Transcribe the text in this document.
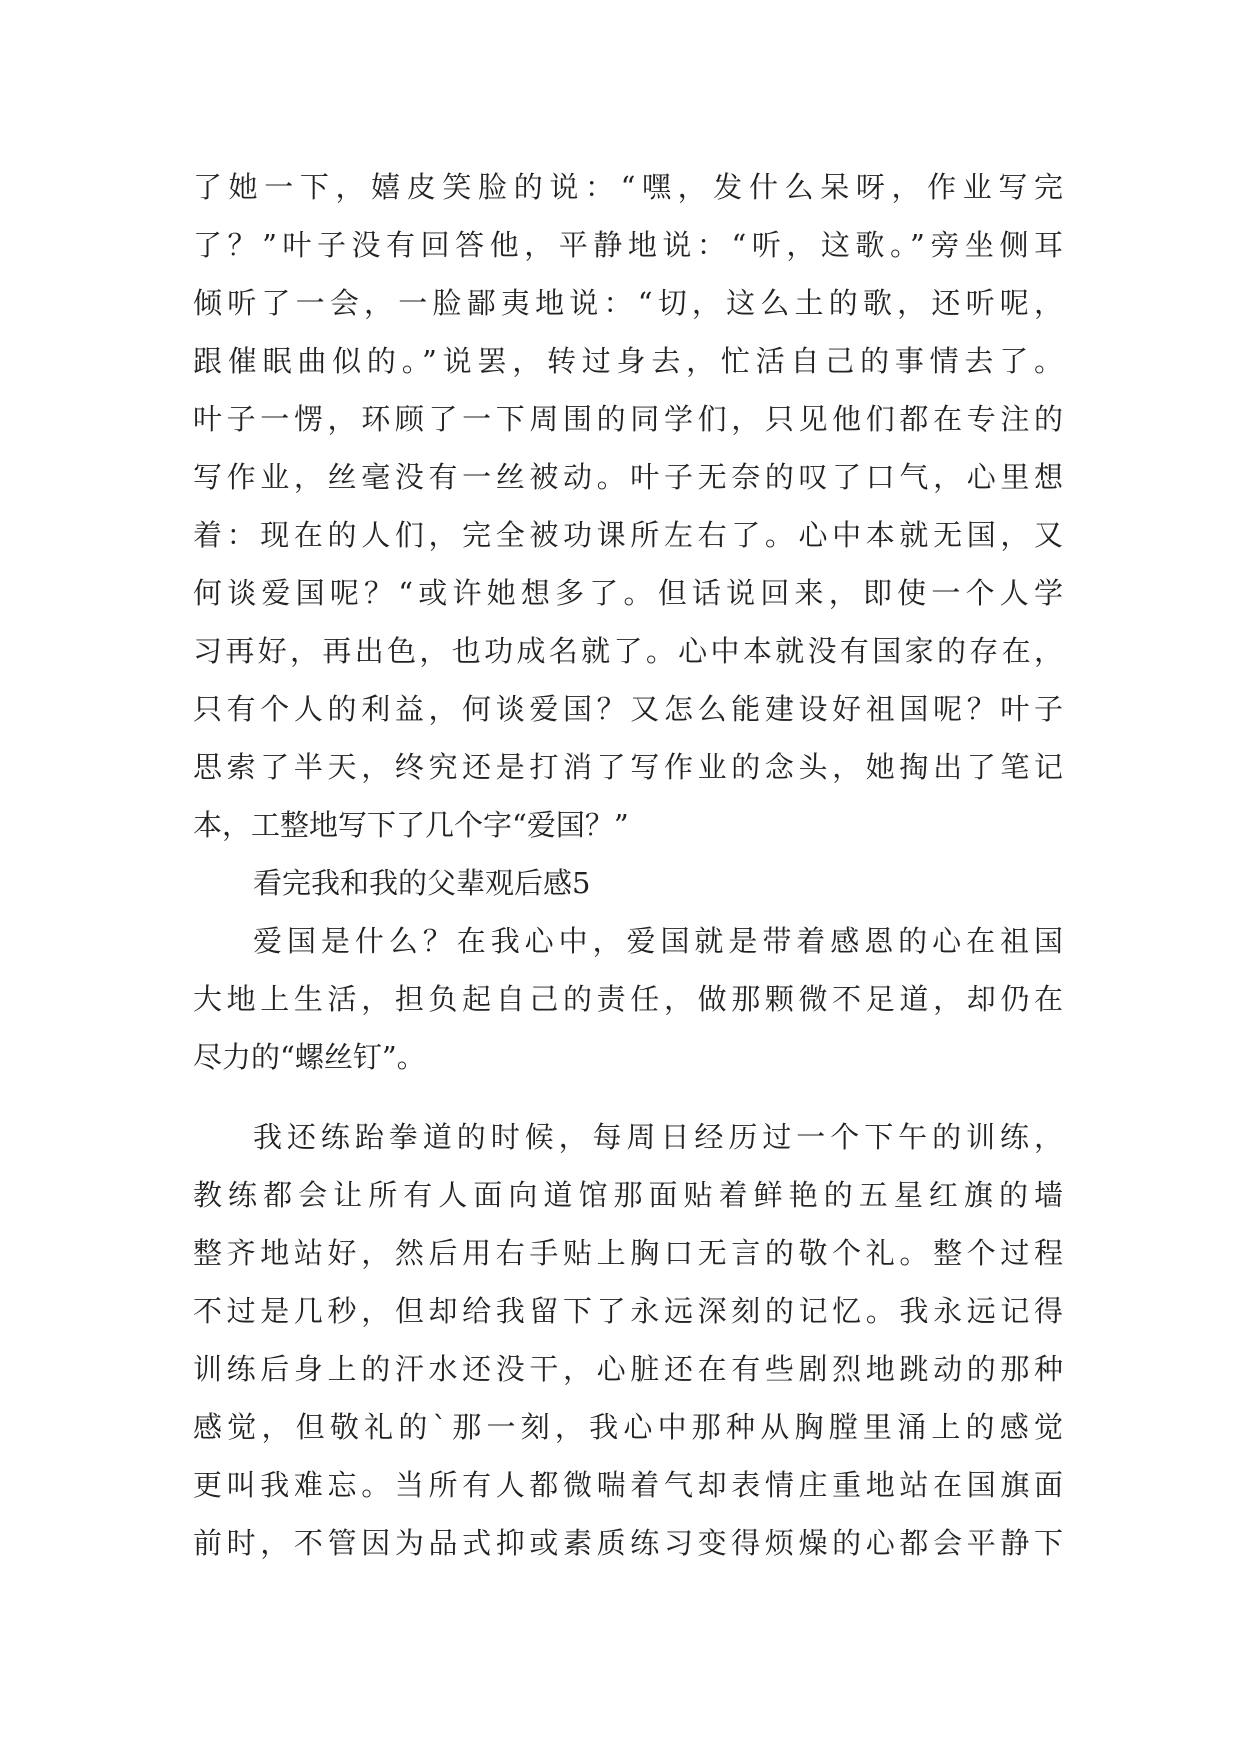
了她一下，嬉皮笑脸的说：“嘿，发什么呆呀，作业写完
了？”叶子没有回答他，平静地说：“听，这歌。”旁坐侧耳
倾听了一会，一脸鄙夷地说：“切，这么土的歌，还听呢，
跟催眠曲似的。”说罢，转过身去，忙活自己的事情去了。
叶子一愣，环顾了一下周围的同学们，只见他们都在专注的
写作业，丝毫没有一丝被动。叶子无奈的叹了口气，心里想
着：现在的人们，完全被功课所左右了。心中本就无国，又
何谈爱国呢？“或许她想多了。但话说回来，即使一个人学
习再好，再出色，也功成名就了。心中本就没有国家的存在，
只有个人的利益，何谈爱国？又怎么能建设好祖国呢？叶子
思索了半天，终究还是打消了写作业的念头，她掏出了笔记
本，工整地写下了几个字“爱国？”
看完我和我的父辈观后感5
爱国是什么？在我心中，爱国就是带着感恩的心在祖国
大地上生活，担负起自己的责任，做那颗微不足道，却仍在
尽力的“螺丝钉”。
我还练跆拳道的时候，每周日经历过一个下午的训练，
教练都会让所有人面向道馆那面贴着鲜艳的五星红旗的墙
整齐地站好，然后用右手贴上胸口无言的敬个礼。整个过程
不过是几秒，但却给我留下了永远深刻的记忆。我永远记得
训练后身上的汗水还没干，心脏还在有些剧烈地跳动的那种
感觉，但敬礼的`那一刻，我心中那种从胸膛里涌上的感觉
更叫我难忘。当所有人都微喘着气却表情庄重地站在国旗面
前时，不管因为品式抑或素质练习变得烦燥的心都会平静下
